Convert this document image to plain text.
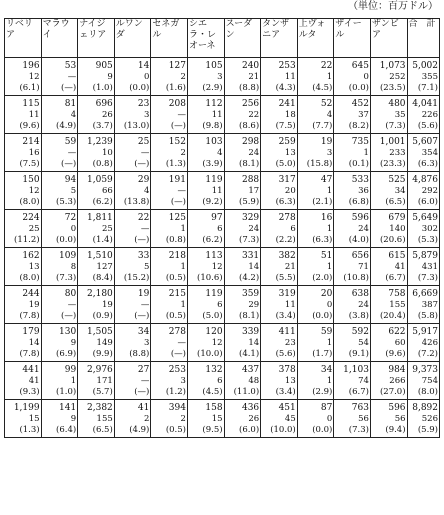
（単位：百万ドル）
リベリア	マラウイ	ナイジェリア	ルワンダ	セネガル	シエラ・レオーネ	スーダン	タンザニア	上ヴォルタ	ザイール	ザンビア	合　計
196	53	905	14	127	105	240	253	22	645	1,073	5,002
12	—	9	0	2	3	21	11	1	0	252	355
(6.1)	(—)	(1.0)	(0.0)	(1.6)	(2.9)	(8.8)	(4.3)	(4.5)	(0.0)	(23.5)	(7.1)
115	81	696	23	208	112	256	241	52	452	480	4,041
11	4	26	3	—	11	22	18	4	37	35	226
(9.6)	(4.9)	(3.7)	(13.0)	(—)	(9.8)	(8.6)	(7.5)	(7.7)	(8.2)	(7.3)	(5.6)
214	59	1,239	25	152	103	298	259	19	735	1,001	5,607
16	—	10	—	2	4	24	13	3	1	233	354
(7.5)	(—)	(0.8)	(—)	(1.3)	(3.9)	(8.1)	(5.0)	(15.8)	(0.1)	(23.3)	(6.3)
150	94	1,059	29	191	119	288	317	47	533	525	4,876
12	5	66	4	—	11	17	20	1	36	34	292
(8.0)	(5.3)	(6.2)	(13.8)	(—)	(9.2)	(5.9)	(6.3)	(2.1)	(6.8)	(6.5)	(6.0)
224	72	1,811	22	125	97	329	278	16	596	679	5,649
25	0	25	—	1	6	24	6	1	24	140	302
(11.2)	(0.0)	(1.4)	(—)	(0.8)	(6.2)	(7.3)	(2.2)	(6.3)	(4.0)	(20.6)	(5.3)
162	109	1,510	33	218	113	331	382	51	656	615	5,879
13	8	127	5	1	12	14	21	1	71	41	431
(8.0)	(7.3)	(8.4)	(15.2)	(0.5)	(10.6)	(4.2)	(5.5)	(2.0)	(10.8)	(6.7)	(7.3)
244	80	2,180	19	215	119	359	319	20	638	758	6,669
19	—	19	—	1	6	29	11	0	24	155	387
(7.8)	(—)	(0.9)	(—)	(0.5)	(5.0)	(8.1)	(3.4)	(0.0)	(3.8)	(20.4)	(5.8)
179	130	1,505	34	278	120	339	411	59	592	622	5,917
14	9	149	3	—	12	14	23	1	54	60	426
(7.8)	(6.9)	(9.9)	(8.8)	(—)	(10.0)	(4.1)	(5.6)	(1.7)	(9.1)	(9.6)	(7.2)
441	99	2,976	27	253	132	437	378	34	1,103	984	9,373
41	1	171	—	3	6	48	13	1	74	266	754
(9.3)	(1.0)	(5.7)	(—)	(1.2)	(4.5)	(11.0)	(3.4)	(2.9)	(6.7)	(27.0)	(8.0)
1,199	141	2,382	41	394	158	436	451	87	763	596	8,892
15	9	155	2	2	15	26	45	0	56	56	526
(1.3)	(6.4)	(6.5)	(4.9)	(0.5)	(9.5)	(6.0)	(10.0)	(0.0)	(7.3)	(9.4)	(5.9)
